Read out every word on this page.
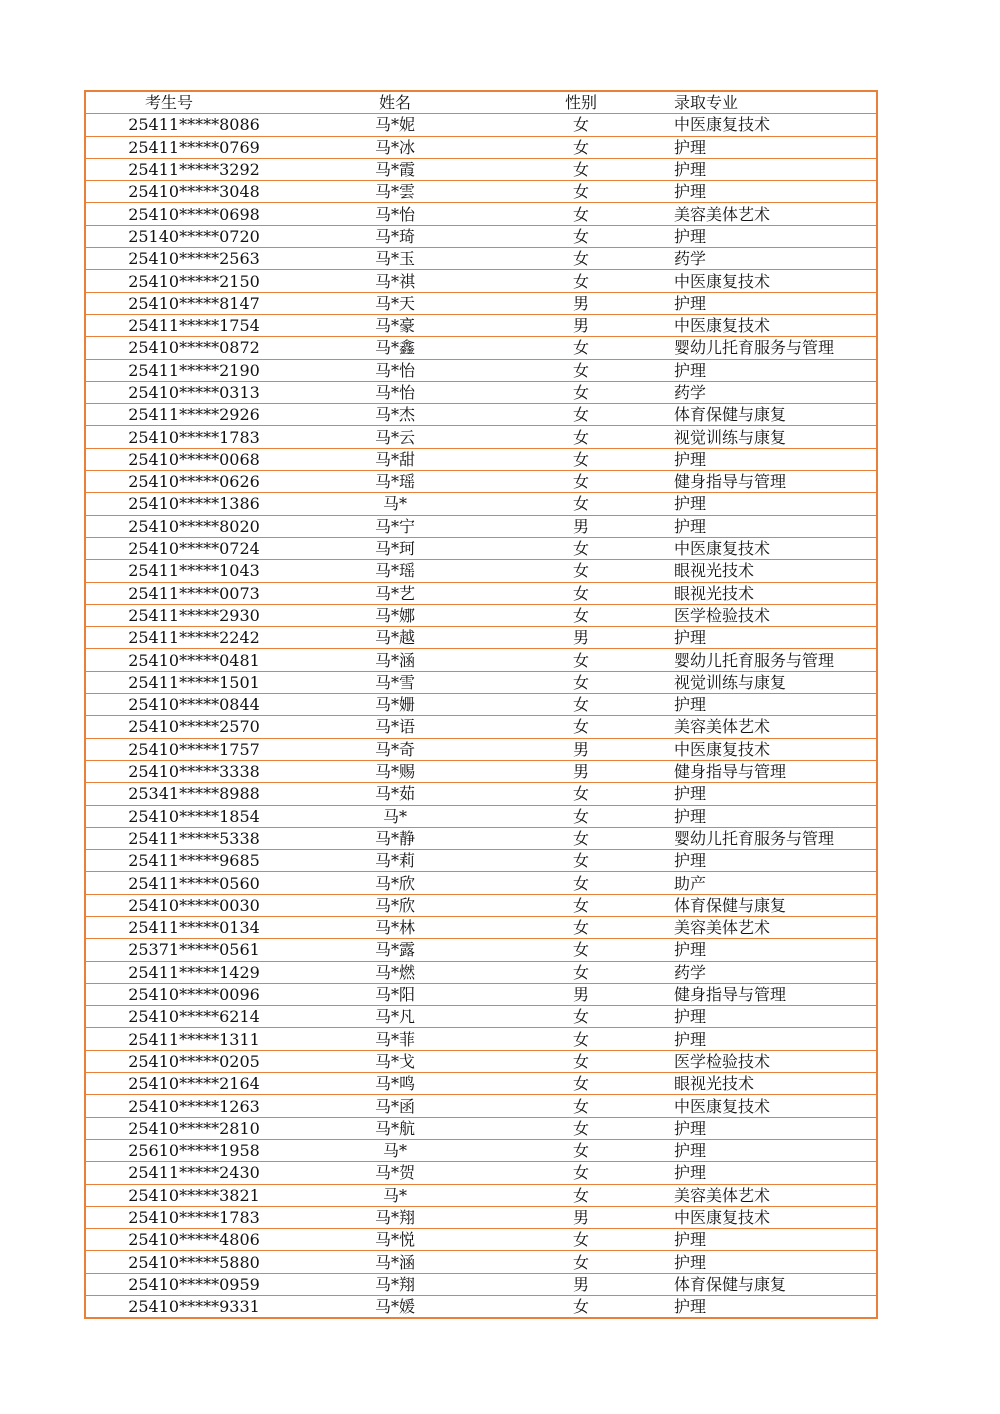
考生号	姓名	性别	录取专业
25411*****8086	马*妮	女	中医康复技术
25411*****0769	马*冰	女	护理
25411*****3292	马*霞	女	护理
25410*****3048	马*雲	女	护理
25410*****0698	马*怡	女	美容美体艺术
25140*****0720	马*琦	女	护理
25410*****2563	马*玉	女	药学
25410*****2150	马*祺	女	中医康复技术
25410*****8147	马*天	男	护理
25411*****1754	马*豪	男	中医康复技术
25410*****0872	马*鑫	女	婴幼儿托育服务与管理
25411*****2190	马*怡	女	护理
25410*****0313	马*怡	女	药学
25411*****2926	马*杰	女	体育保健与康复
25410*****1783	马*云	女	视觉训练与康复
25410*****0068	马*甜	女	护理
25410*****0626	马*瑶	女	健身指导与管理
25410*****1386	马*	女	护理
25410*****8020	马*宁	男	护理
25410*****0724	马*珂	女	中医康复技术
25411*****1043	马*瑶	女	眼视光技术
25411*****0073	马*艺	女	眼视光技术
25411*****2930	马*娜	女	医学检验技术
25411*****2242	马*越	男	护理
25410*****0481	马*涵	女	婴幼儿托育服务与管理
25411*****1501	马*雪	女	视觉训练与康复
25410*****0844	马*姗	女	护理
25410*****2570	马*语	女	美容美体艺术
25410*****1757	马*奇	男	中医康复技术
25410*****3338	马*赐	男	健身指导与管理
25341*****8988	马*茹	女	护理
25410*****1854	马*	女	护理
25411*****5338	马*静	女	婴幼儿托育服务与管理
25411*****9685	马*莉	女	护理
25411*****0560	马*欣	女	助产
25410*****0030	马*欣	女	体育保健与康复
25411*****0134	马*林	女	美容美体艺术
25371*****0561	马*露	女	护理
25411*****1429	马*燃	女	药学
25410*****0096	马*阳	男	健身指导与管理
25410*****6214	马*凡	女	护理
25411*****1311	马*菲	女	护理
25410*****0205	马*戈	女	医学检验技术
25410*****2164	马*鸣	女	眼视光技术
25410*****1263	马*函	女	中医康复技术
25410*****2810	马*航	女	护理
25610*****1958	马*	女	护理
25411*****2430	马*贺	女	护理
25410*****3821	马*	女	美容美体艺术
25410*****1783	马*翔	男	中医康复技术
25410*****4806	马*悦	女	护理
25410*****5880	马*涵	女	护理
25410*****0959	马*翔	男	体育保健与康复
25410*****9331	马*媛	女	护理
